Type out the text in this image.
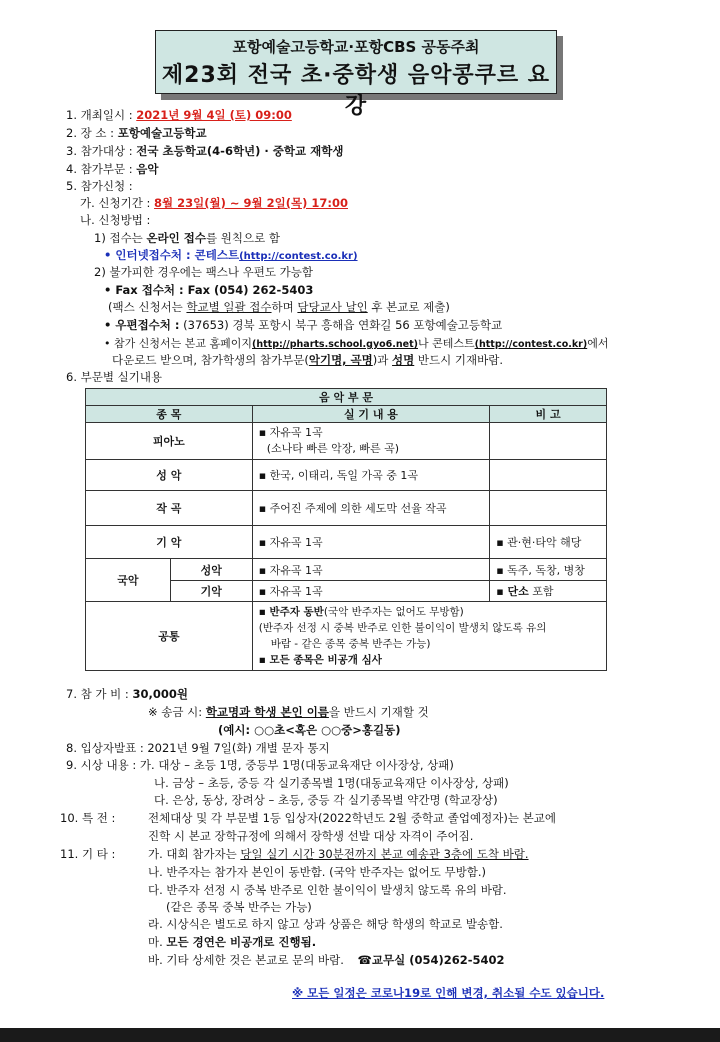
포항예술고등학교·포항CBS 공동주최
제23회 전국 초·중학생 음악콩쿠르 요강
1. 개최일시 : 2021년 9월 4일 (토) 09:00
2. 장 소 : 포항예술고등학교
3. 참가대상 : 전국 초등학교(4-6학년) · 중학교 재학생
4. 참가부문 : 음악
5. 참가신청 :
가. 신청기간 : 8월 23일(월) ~ 9월 2일(목) 17:00
나. 신청방법 :
1) 접수는 온라인 접수를 원칙으로 함
• 인터넷접수처 : 콘테스트(http://contest.co.kr)
2) 불가피한 경우에는 팩스나 우편도 가능함
• Fax 접수처 : Fax (054) 262-5403
(팩스 신청서는 학교별 일괄 접수하며 담당교사 날인 후 본교로 제출)
• 우편접수처 : (37653) 경북 포항시 북구 흥해읍 연화길 56 포항예술고등학교
• 참가 신청서는 본교 홈페이지(http://pharts.school.gyo6.net)나 콘테스트(http://contest.co.kr)에서
다운로드 받으며, 참가학생의 참가부문(악기명, 곡명)과 성명 반드시 기재바람.
6. 부문별 실기내용
음 악 부 문			
종 목		실 기 내 용	비 고
피아노		▪ 자유곡 1곡
(소나타 빠른 악장, 빠른 곡)	

성 악		▪ 한국, 이태리, 독일 가곡 중 1곡	
작 곡		▪ 주어진 주제에 의한 세도막 선율 작곡	
기 악		▪ 자유곡 1곡	▪ 관·현·타악 해당
국악	성악	▪ 자유곡 1곡	▪ 독주, 독창, 병창
	기악	▪ 자유곡 1곡	▪ 단소 포함
공통		▪ 반주자 동반(국악 반주자는 없어도 무방함)
(반주자 선정 시 중복 반주로 인한 불이익이 발생치 않도록 유의
바람 - 같은 종목 중복 반주는 가능)
▪ 모든 종목은 비공개 심사	
7. 참 가 비 : 30,000원
※ 송금 시: 학교명과 학생 본인 이름을 반드시 기재할 것
(예시: ○○초<혹은 ○○중>홍길동)
8. 입상자발표 : 2021년 9월 7일(화) 개별 문자 통지
9. 시상 내용 : 가. 대상 – 초등 1명, 중등부 1명(대동교육재단 이사장상, 상패)
나. 금상 – 초등, 중등 각 실기종목별 1명(대동교육재단 이사장상, 상패)
다. 은상, 동상, 장려상 – 초등, 중등 각 실기종목별 약간명 (학교장상)
10. 특 전 :	전체대상 및 각 부문별 1등 입상자(2022학년도 2월 중학교 졸업예정자)는 본교에
진학 시 본교 장학규정에 의해서 장학생 선발 대상 자격이 주어짐.
11. 기 타 :	가. 대회 참가자는 당일 실기 시간 30분전까지 본교 예송관 3층에 도착 바람.
나. 반주자는 참가자 본인이 동반함. (국악 반주자는 없어도 무방함.)
다. 반주자 선정 시 중복 반주로 인한 불이익이 발생치 않도록 유의 바람.
(같은 종목 중복 반주는 가능)
라. 시상식은 별도로 하지 않고 상과 상품은 해당 학생의 학교로 발송함.
마. 모든 경연은 비공개로 진행됨.
바. 기타 상세한 것은 본교로 문의 바람. ☎교무실 (054)262-5402
※ 모든 일정은 코로나19로 인해 변경, 취소될 수도 있습니다.
